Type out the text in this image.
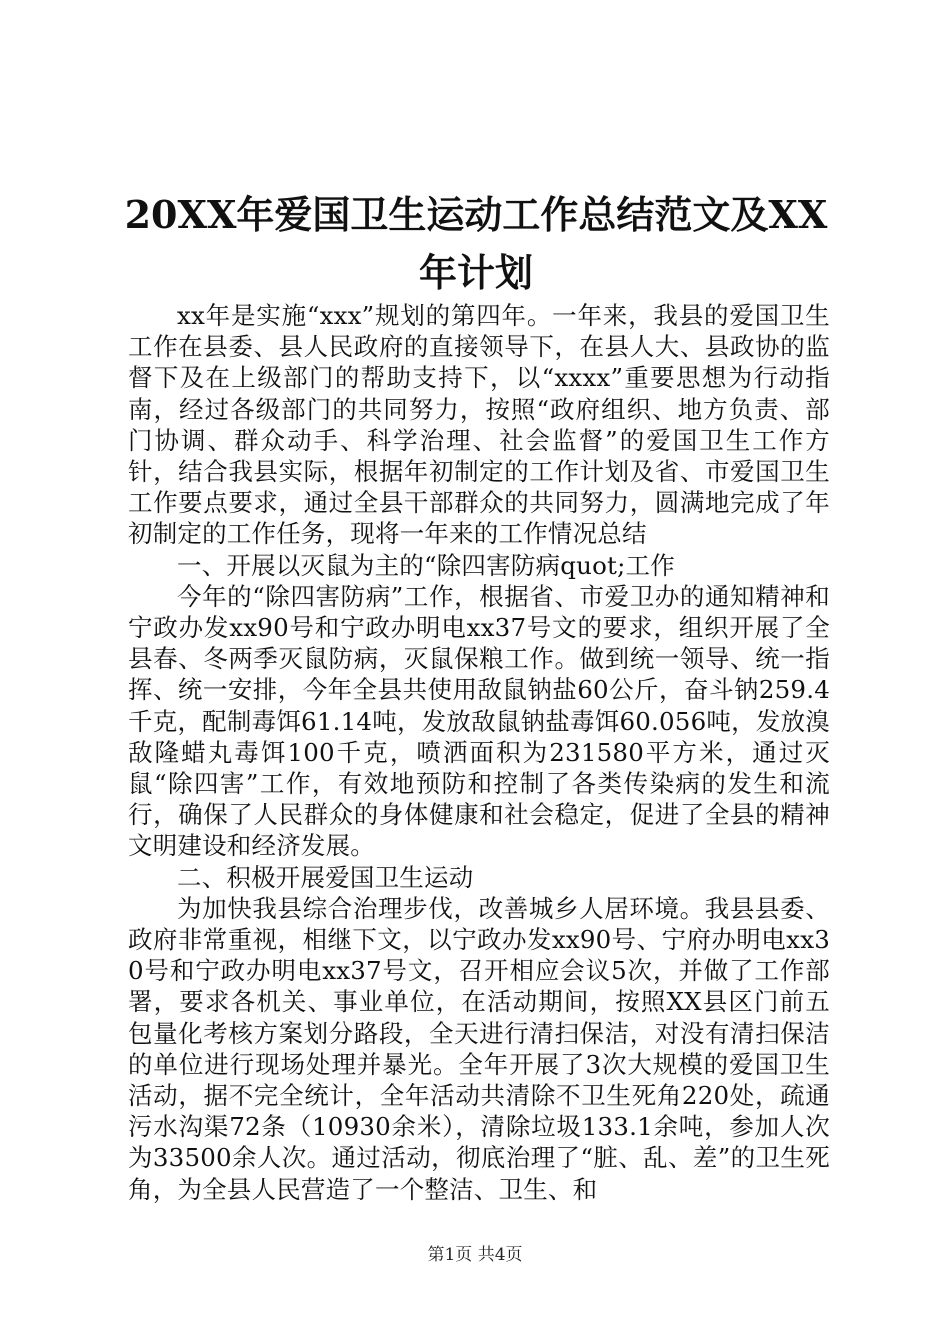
20XX年爱国卫生运动工作总结范文及XX年计划

xx年是实施“xxx”规划的第四年。一年来，我县的爱国卫生工作在县委、县人民政府的直接领导下，在县人大、县政协的监督下及在上级部门的帮助支持下，以“xxxx”重要思想为行动指南，经过各级部门的共同努力，按照“政府组织、地方负责、部门协调、群众动手、科学治理、社会监督”的爱国卫生工作方针，结合我县实际，根据年初制定的工作计划及省、市爱国卫生工作要点要求，通过全县干部群众的共同努力，圆满地完成了年初制定的工作任务，现将一年来的工作情况总结

一、开展以灭鼠为主的“除四害防病quot;工作

今年的“除四害防病”工作，根据省、市爱卫办的通知精神和宁政办发xx90号和宁政办明电xx37号文的要求，组织开展了全县春、冬两季灭鼠防病，灭鼠保粮工作。做到统一领导、统一指挥、统一安排，今年全县共使用敌鼠钠盐60公斤，奋斗钠259.4千克，配制毒饵61.14吨，发放敌鼠钠盐毒饵60.056吨，发放溴敌隆蜡丸毒饵100千克，喷洒面积为231580平方米，通过灭鼠“除四害”工作，有效地预防和控制了各类传染病的发生和流行，确保了人民群众的身体健康和社会稳定，促进了全县的精神文明建设和经济发展。

二、积极开展爱国卫生运动

为加快我县综合治理步伐，改善城乡人居环境。我县县委、政府非常重视，相继下文，以宁政办发xx90号、宁府办明电xx30号和宁政办明电xx37号文，召开相应会议5次，并做了工作部署，要求各机关、事业单位，在活动期间，按照XX县区门前五包量化考核方案划分路段，全天进行清扫保洁，对没有清扫保洁的单位进行现场处理并暴光。全年开展了3次大规模的爱国卫生活动，据不完全统计，全年活动共清除不卫生死角220处，疏通污水沟渠72条（10930余米），清除垃圾133.1余吨，参加人次为33500余人次。通过活动，彻底治理了“脏、乱、差”的卫生死角，为全县人民营造了一个整洁、卫生、和

第1页 共4页
